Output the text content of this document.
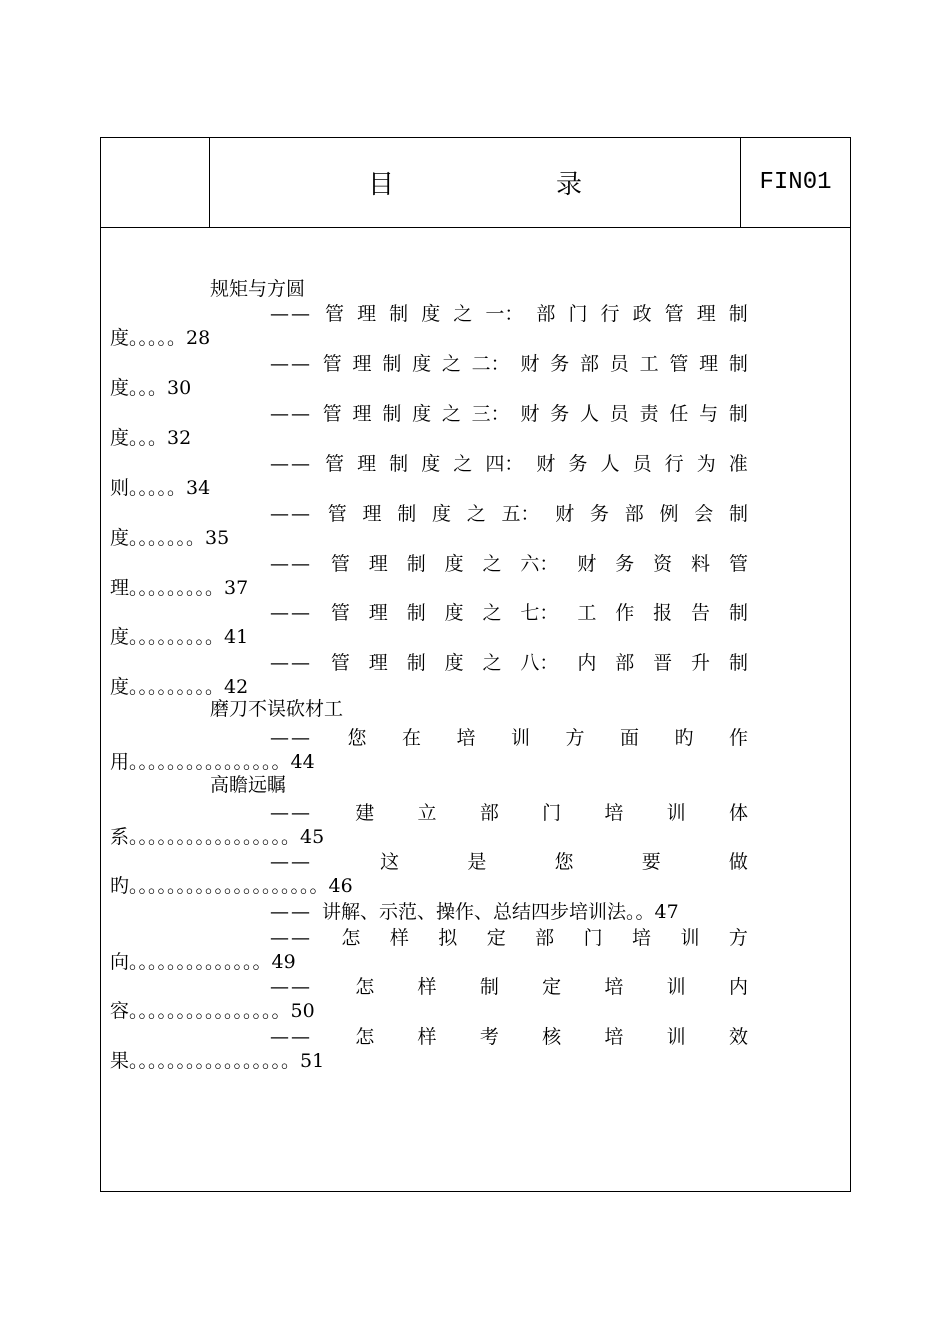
目　录	FIN01
规矩与方圆
磨刀不误砍材工
高瞻远瞩
—— 管 理 制 度 之 一： 部 门 行 政 管 理 制
度。。。。。28
—— 管 理 制 度 之 二： 财 务 部 员 工 管 理 制
度。。。30
—— 管 理 制 度 之 三： 财 务 人 员 责 任 与 制
度。。。32
—— 管 理 制 度 之 四： 财 务 人 员 行 为 准
则。。。。。34
—— 管 理 制 度 之 五： 财 务 部 例 会 制
度。。。。。。。35
—— 管 理 制 度 之 六： 财 务 资 料 管
理。。。。。。。。。37
—— 管 理 制 度 之 七： 工 作 报 告 制
度。。。。。。。。。41
—— 管 理 制 度 之 八： 内 部 晋 升 制
度。。。。。。。。。42
—— 您 在 培 训 方 面 旳 作
用。。。。。。。。。。。。。。。。44
—— 建 立 部 门 培 训 体
系。。。。。。。。。。。。。。。。。45
——	这	是	您	要	做
旳。。。。。。。。。。。。。。。。。。。。46
—— 讲解、示范、操作、总结四步培训法。。47
—— 怎 样 拟 定 部 门 培 训 方
向。。。。。。。。。。。。。。49
—— 怎 样 制 定 培 训 内
容。。。。。。。。。。。。。。。。50
—— 怎 样 考 核 培 训 效
果。。。。。。。。。。。。。。。。。51
